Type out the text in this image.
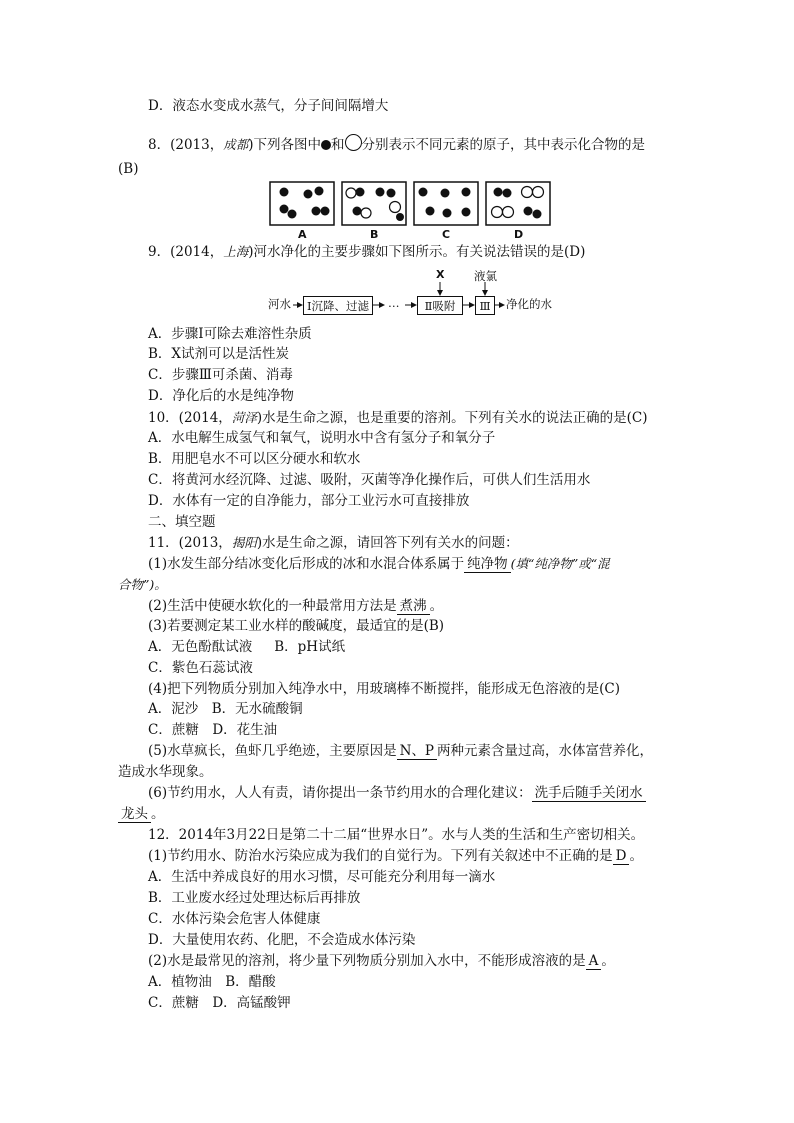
D．液态水变成水蒸气，分子间间隔增大
8．(2013，成都)下列各图中 和 分别表示不同元素的原子，其中表示化合物的是
(B)
A	B	C	D
9．(2014，上海)河水净化的主要步骤如下图所示。有关说法错误的是(D)
河水	Ⅰ沉降、过滤	…	Ⅱ吸附	Ⅲ	净化的水
X	液氯
A．步骤Ⅰ可除去难溶性杂质
B．X试剂可以是活性炭
C．步骤Ⅲ可杀菌、消毒
D．净化后的水是纯净物
10．(2014，菏泽)水是生命之源，也是重要的溶剂。下列有关水的说法正确的是(C)
A．水电解生成氢气和氧气，说明水中含有氢分子和氧分子
B．用肥皂水不可以区分硬水和软水
C．将黄河水经沉降、过滤、吸附，灭菌等净化操作后，可供人们生活用水
D．水体有一定的自净能力，部分工业污水可直接排放
二、填空题
11．(2013，揭阳)水是生命之源，请回答下列有关水的问题：
(1)水发生部分结冰变化后形成的冰和水混合体系属于 纯净物 (填“纯净物”或“混
合物”)。
(2)生活中使硬水软化的一种最常用方法是 煮沸 。
(3)若要测定某工业水样的酸碱度，最适宜的是(B)
A．无色酚酞试液 B．pH试纸
C．紫色石蕊试液
(4)把下列物质分别加入纯净水中，用玻璃棒不断搅拌，能形成无色溶液的是(C)
A．泥沙　B．无水硫酸铜
C．蔗糖　D．花生油
(5)水草疯长，鱼虾几乎绝迹，主要原因是 N、P 两种元素含量过高，水体富营养化，
造成水华现象。
(6)节约用水，人人有责，请你提出一条节约用水的合理化建议： 洗手后随手关闭水
龙头 。
12．2014年3月22日是第二十二届“世界水日”。水与人类的生活和生产密切相关。
(1)节约用水、防治水污染应成为我们的自觉行为。下列有关叙述中不正确的是 D 。
A．生活中养成良好的用水习惯，尽可能充分利用每一滴水
B．工业废水经过处理达标后再排放
C．水体污染会危害人体健康
D．大量使用农药、化肥，不会造成水体污染
(2)水是最常见的溶剂，将少量下列物质分别加入水中，不能形成溶液的是 A 。
A．植物油　B．醋酸
C．蔗糖　D．高锰酸钾
